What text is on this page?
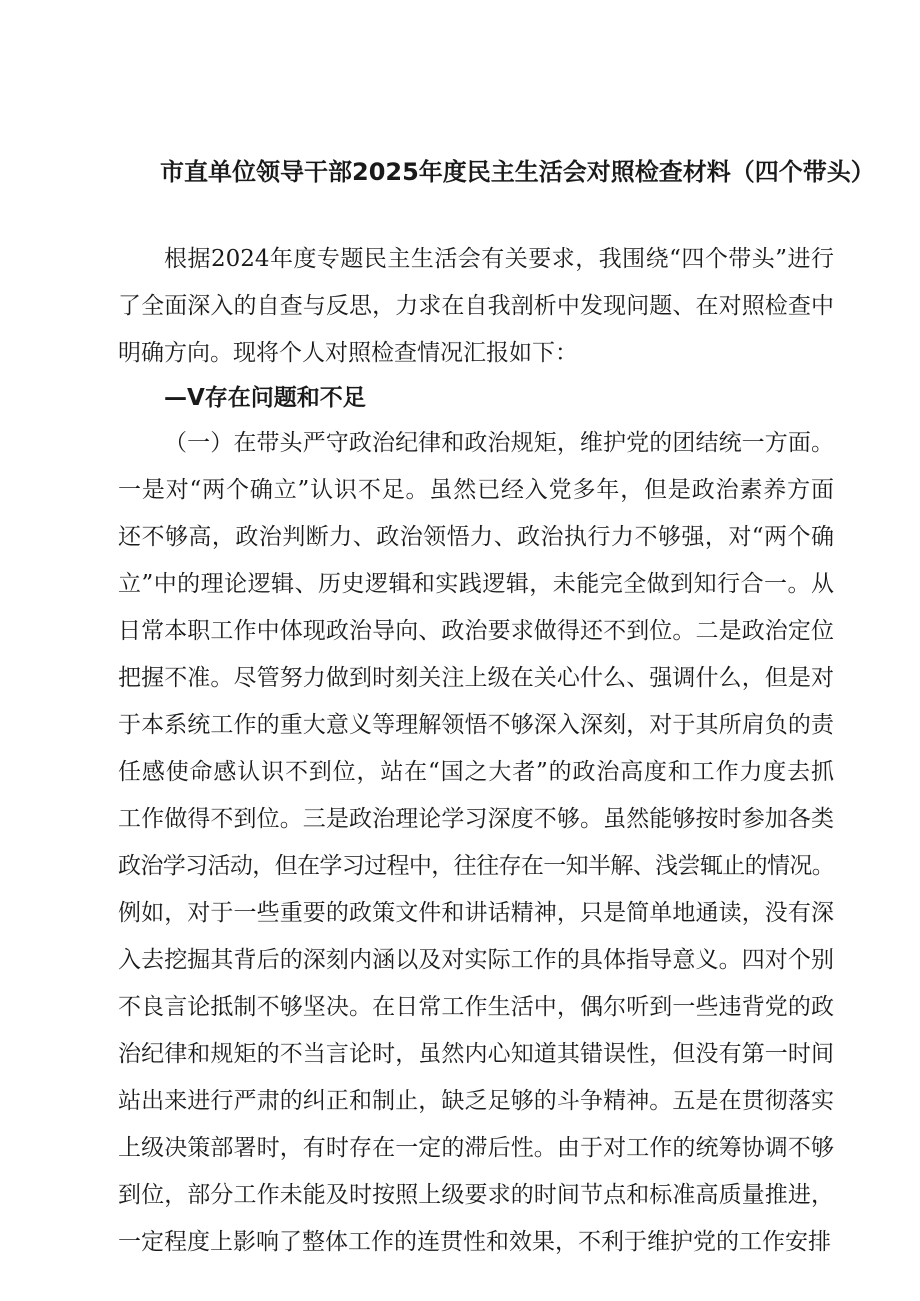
市直单位领导干部2025年度民主生活会对照检查材料（四个带头）
根据2024年度专题民主生活会有关要求，我围绕“四个带头”进行
了全面深入的自查与反思，力求在自我剖析中发现问题、在对照检查中
明确方向。现将个人对照检查情况汇报如下：
—V存在问题和不足
（一）在带头严守政治纪律和政治规矩，维护党的团结统一方面。
一是对“两个确立”认识不足。虽然已经入党多年，但是政治素养方面
还不够高，政治判断力、政治领悟力、政治执行力不够强，对“两个确
立”中的理论逻辑、历史逻辑和实践逻辑，未能完全做到知行合一。从
日常本职工作中体现政治导向、政治要求做得还不到位。二是政治定位
把握不准。尽管努力做到时刻关注上级在关心什么、强调什么，但是对
于本系统工作的重大意义等理解领悟不够深入深刻，对于其所肩负的责
任感使命感认识不到位，站在“国之大者”的政治高度和工作力度去抓
工作做得不到位。三是政治理论学习深度不够。虽然能够按时参加各类
政治学习活动，但在学习过程中，往往存在一知半解、浅尝辄止的情况。
例如，对于一些重要的政策文件和讲话精神，只是简单地通读，没有深
入去挖掘其背后的深刻内涵以及对实际工作的具体指导意义。四对个别
不良言论抵制不够坚决。在日常工作生活中，偶尔听到一些违背党的政
治纪律和规矩的不当言论时，虽然内心知道其错误性，但没有第一时间
站出来进行严肃的纠正和制止，缺乏足够的斗争精神。五是在贯彻落实
上级决策部署时，有时存在一定的滞后性。由于对工作的统筹协调不够
到位，部分工作未能及时按照上级要求的时间节点和标准高质量推进，
一定程度上影响了整体工作的连贯性和效果，不利于维护党的工作安排
